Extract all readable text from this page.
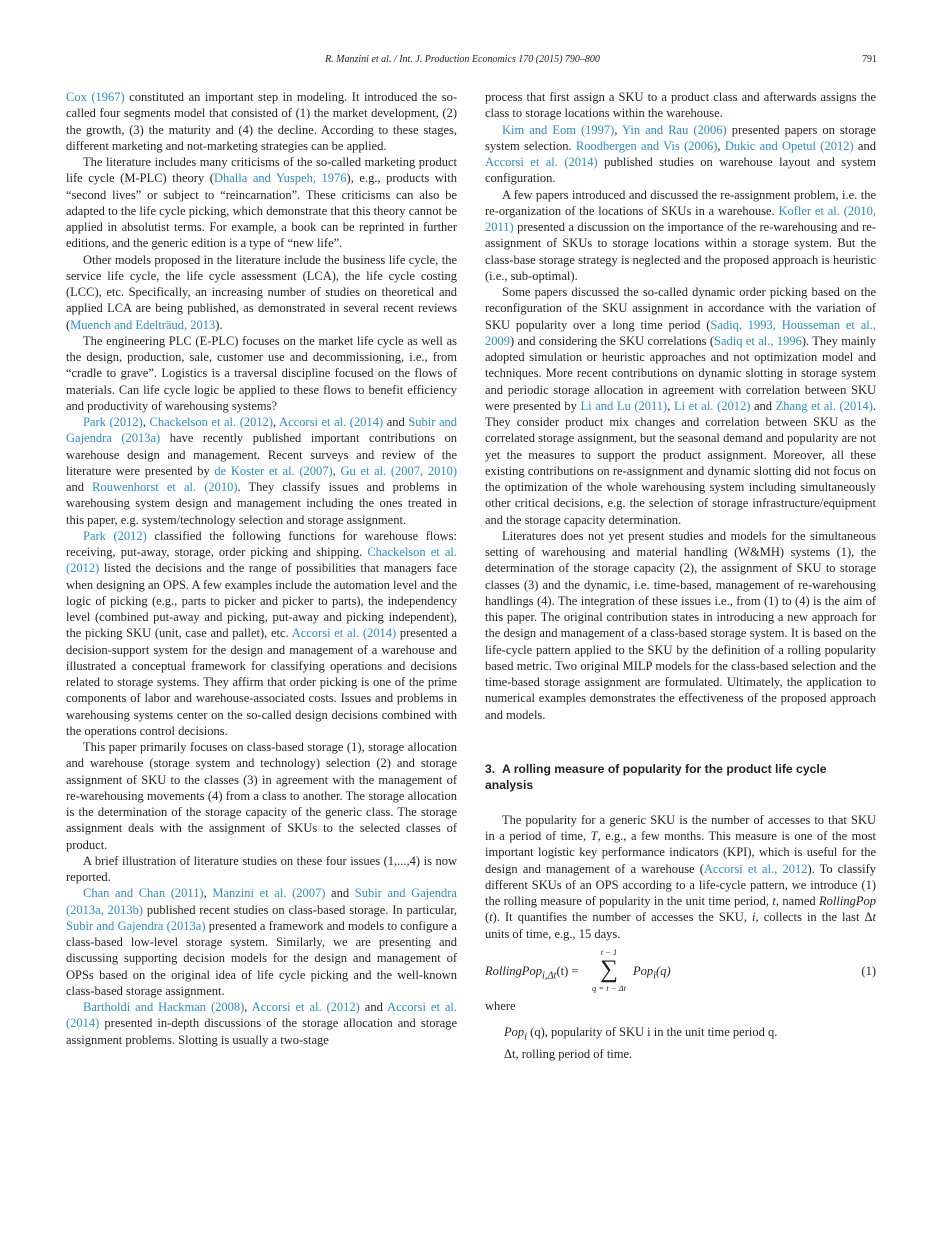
R. Manzini et al. / Int. J. Production Economics 170 (2015) 790–800	791

Cox (1967) constituted an important step in modeling. It introduced the so-called four segments model that consisted of (1) the market development, (2) the growth, (3) the maturity and (4) the decline. According to these stages, different marketing and not-marketing strategies can be applied.

The literature includes many criticisms of the so-called marketing product life cycle (M-PLC) theory (Dhalla and Yuspeh, 1976), e.g., products with “second lives” or subject to “reincarnation”. These criticisms can also be adapted to the life cycle picking, which demonstrate that this theory cannot be applied in absolutist terms. For example, a book can be reprinted in further editions, and the generic edition is a type of “new life”.

Other models proposed in the literature include the business life cycle, the service life cycle, the life cycle assessment (LCA), the life cycle costing (LCC), etc. Specifically, an increasing number of studies on theoretical and applied LCA are being published, as demonstrated in several recent reviews (Muench and Edelträud, 2013).

The engineering PLC (E-PLC) focuses on the market life cycle as well as the design, production, sale, customer use and decommissioning, i.e., from “cradle to grave”. Logistics is a traversal discipline focused on the flows of materials. Can life cycle logic be applied to these flows to benefit efficiency and productivity of warehousing systems?

Park (2012), Chackelson et al. (2012), Accorsi et al. (2014) and Subir and Gajendra (2013a) have recently published important contributions on warehouse design and management. Recent surveys and review of the literature were presented by de Koster et al. (2007), Gu et al. (2007, 2010) and Rouwenhorst et al. (2010). They classify issues and problems in warehousing system design and management including the ones treated in this paper, e.g. system/technology selection and storage assignment.

Park (2012) classified the following functions for warehouse flows: receiving, put-away, storage, order picking and shipping. Chackelson et al. (2012) listed the decisions and the range of possibilities that managers face when designing an OPS. A few examples include the automation level and the logic of picking (e.g., parts to picker and picker to parts), the independency level (combined put-away and picking, put-away and picking independent), the picking SKU (unit, case and pallet), etc. Accorsi et al. (2014) presented a decision-support system for the design and management of a warehouse and illustrated a conceptual framework for classifying operations and decisions related to storage systems. They affirm that order picking is one of the prime components of labor and warehouse-associated costs. Issues and problems in warehousing systems center on the so-called design decisions combined with the operations control decisions.

This paper primarily focuses on class-based storage (1), storage allocation and warehouse (storage system and technology) selection (2) and storage assignment of SKU to the classes (3) in agreement with the management of re-warehousing movements (4) from a class to another. The storage allocation is the determination of the storage capacity of the generic class. The storage assignment deals with the assignment of SKUs to the selected classes of product.

A brief illustration of literature studies on these four issues (1,...,4) is now reported.

Chan and Chan (2011), Manzini et al. (2007) and Subir and Gajendra (2013a, 2013b) published recent studies on class-based storage. In particular, Subir and Gajendra (2013a) presented a framework and models to configure a class-based low-level storage system. Similarly, we are presenting and discussing supporting decision models for the design and management of OPSs based on the original idea of life cycle picking and the well-known class-based storage assignment.

Bartholdi and Hackman (2008), Accorsi et al. (2012) and Accorsi et al. (2014) presented in-depth discussions of the storage allocation and storage assignment problems. Slotting is usually a two-stage

process that first assign a SKU to a product class and afterwards assigns the class to storage locations within the warehouse.

Kim and Eom (1997), Yin and Rau (2006) presented papers on storage system selection. Roodbergen and Vis (2006), Dukic and Opetul (2012) and Accorsi et al. (2014) published studies on warehouse layout and system configuration.

A few papers introduced and discussed the re-assignment problem, i.e. the re-organization of the locations of SKUs in a warehouse. Kofler et al. (2010, 2011) presented a discussion on the importance of the re-warehousing and re-assignment of SKUs to storage locations within a storage system. But the class-base storage strategy is neglected and the proposed approach is heuristic (i.e., sub-optimal).

Some papers discussed the so-called dynamic order picking based on the reconfiguration of the SKU assignment in accordance with the variation of SKU popularity over a long time period (Sadiq, 1993, Housseman et al., 2009) and considering the SKU correlations (Sadiq et al., 1996). They mainly adopted simulation or heuristic approaches and not optimization model and techniques. More recent contributions on dynamic slotting in storage system and periodic storage allocation in agreement with correlation between SKU were presented by Li and Lu (2011), Li et al. (2012) and Zhang et al. (2014). They consider product mix changes and correlation between SKU as the correlated storage assignment, but the seasonal demand and popularity are not yet the measures to support the product assignment. Moreover, all these existing contributions on re-assignment and dynamic slotting did not focus on the optimization of the whole warehousing system including simultaneously other critical decisions, e.g. the selection of storage infrastructure/equipment and the storage capacity determination.

Literatures does not yet present studies and models for the simultaneous setting of warehousing and material handling (W&MH) systems (1), the determination of the storage capacity (2), the assignment of SKU to storage classes (3) and the dynamic, i.e. time-based, management of re-warehousing handlings (4). The integration of these issues i.e., from (1) to (4) is the aim of this paper. The original contribution states in introducing a new approach for the design and management of a class-based storage system. It is based on the life-cycle pattern applied to the SKU by the definition of a rolling popularity based metric. Two original MILP models for the class-based selection and the time-based storage assignment are formulated. Ultimately, the application to numerical examples demonstrates the effectiveness of the proposed approach and models.

3. A rolling measure of popularity for the product life cycle analysis

The popularity for a generic SKU is the number of accesses to that SKU in a period of time, T, e.g., a few months. This measure is one of the most important logistic key performance indicators (KPI), which is useful for the design and management of a warehouse (Accorsi et al., 2012). To classify different SKUs of an OPS according to a life-cycle pattern, we introduce (1) the rolling measure of popularity in the unit time period, t, named RollingPop (t). It quantifies the number of accesses the SKU, i, collects in the last Δt units of time, e.g., 15 days.

RollingPop$_{i,\Delta t}$(t) =
t − 1
∑
q = t − Δt
Pop$_i$(q)	(1)

where

Pop$_i$ (q), popularity of SKU i in the unit time period q.

Δt, rolling period of time.
